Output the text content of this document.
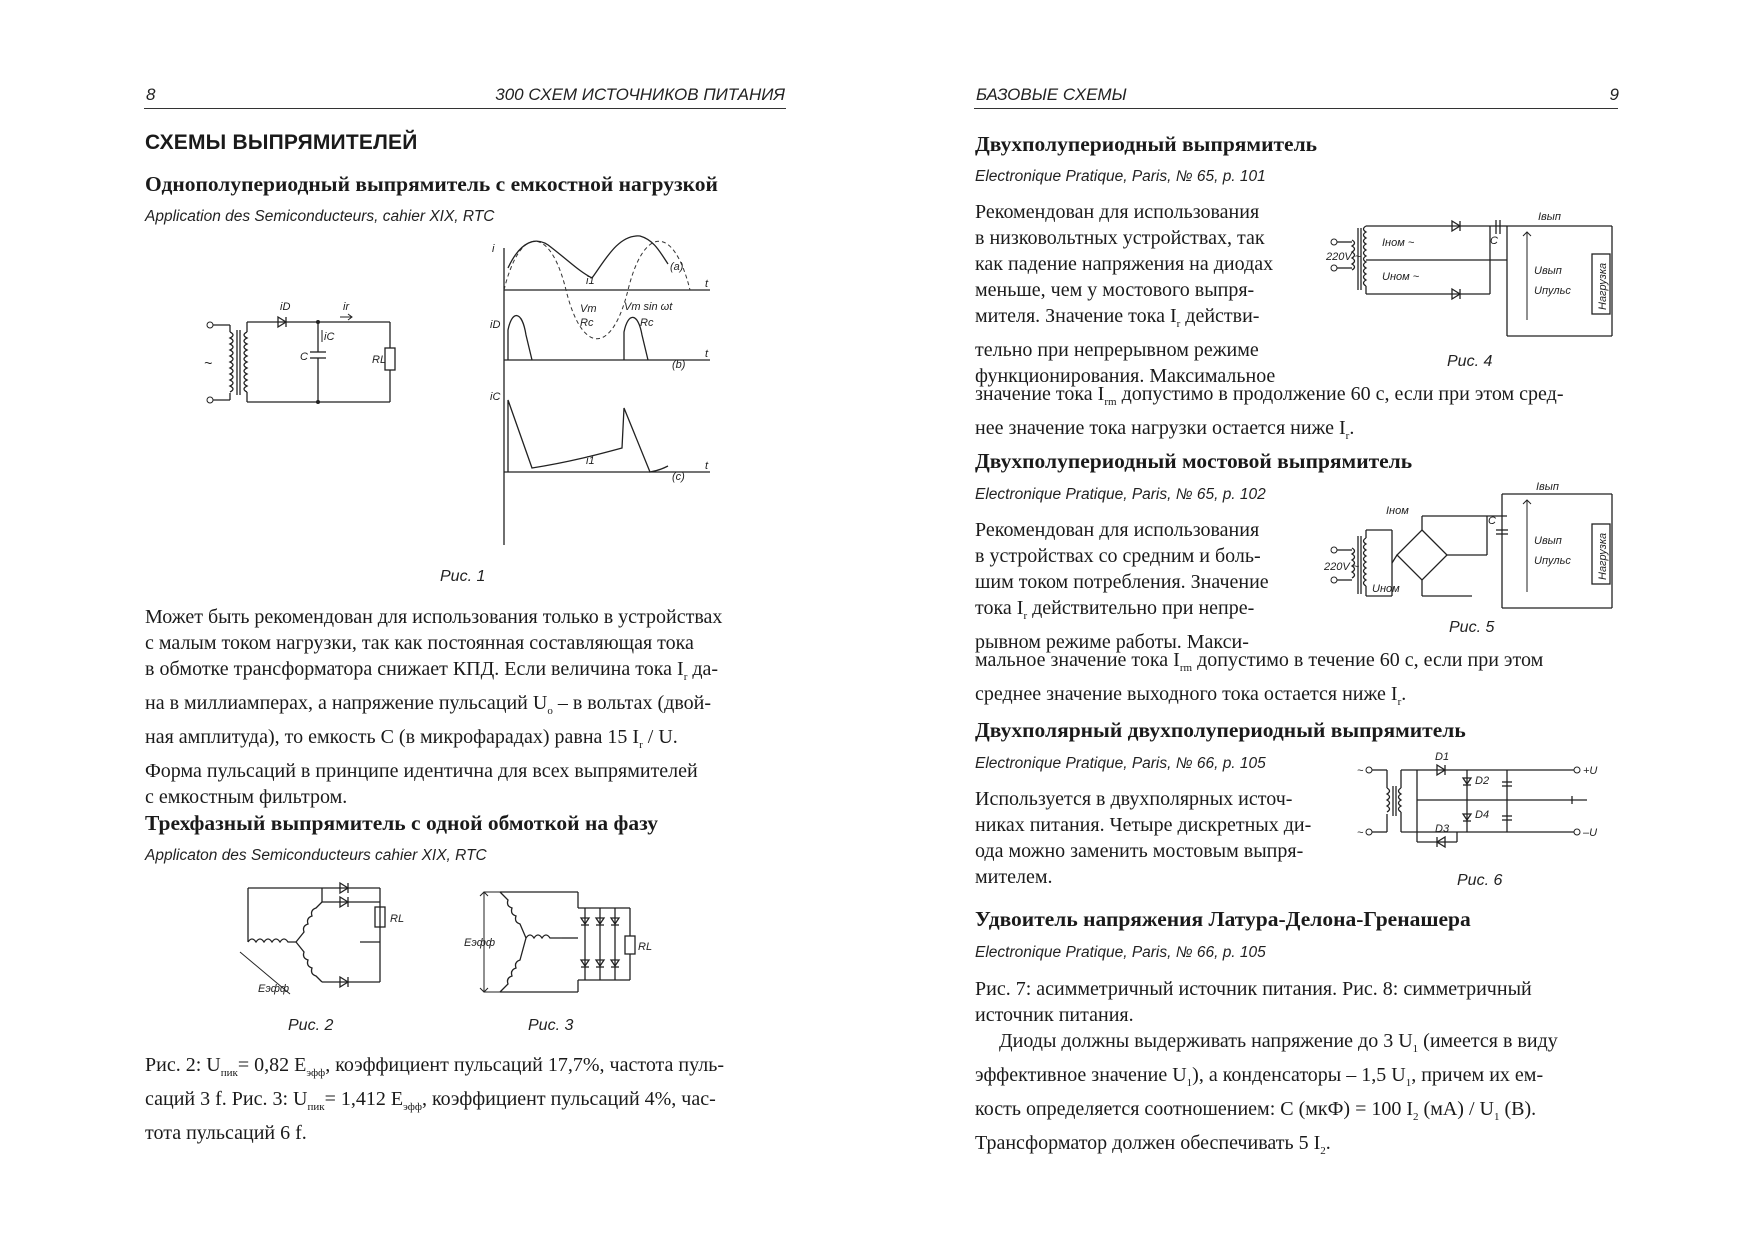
8	300 СХЕМ ИСТОЧНИКОВ ПИТАНИЯ
СХЕМЫ ВЫПРЯМИТЕЛЕЙ
Однополупериодный выпрямитель с емкостной нагрузкой
Application des Semiconducteurs, cahier XIX, RTC
iD	ir
iC
C	RL
~
i
t
(a)
i1
Vm sin ωt
Rc
Vm
Rc
iD
t
(b)
iC
t
(c)
i1
Рис. 1
Может быть рекомендован для использования только в устройствах
с малым током нагрузки, так как постоянная составляющая тока
в обмотке трансформатора снижает КПД. Если величина тока $I_r$ да-
на в миллиамперах, а напряжение пульсаций $U_о$ – в вольтах (двой-
ная амплитуда), то емкость С (в микрофарадах) равна 15 $I_r$ / U.
Форма пульсаций в принципе идентична для всех выпрямителей
с емкостным фильтром.
Трехфазный выпрямитель с одной обмоткой на фазу
Applicaton des Semiconducteurs cahier XIX, RTC
RL
Eэфф
Рис. 2
RL
Eэфф
Рис. 3
Рис. 2: $U_{пик}= 0,82$ $E_{эфф}$, коэффициент пульсаций 17,7%, частота пуль-
саций 3 f. Рис. 3: $U_{пик}= 1,412$ $E_{эфф}$, коэффициент пульсаций 4%, час-
тота пульсаций 6 f.
БАЗОВЫЕ СХЕМЫ	9
Двухполупериодный выпрямитель
Electronique Pratique, Paris, № 65, p. 101
Рекомендован для использования
в низковольтных устройствах, так
как падение напряжения на диодах
меньше, чем у мостового выпря-
мителя. Значение тока $I_r$ действи-
тельно при непрерывном режиме
функционирования. Максимальное
значение тока $I_{rm}$ допустимо в продолжение 60 с, если при этом сред-
нее значение тока нагрузки остается ниже $I_r$.
220V ~
Iном ~
Uном ~
C
Iвып
Uвып
Uпульс Нагрузка
Рис. 4
Двухполупериодный мостовой выпрямитель
Electronique Pratique, Paris, № 65, p. 102
Рекомендован для использования
в устройствах со средним и боль-
шим током потребления. Значение
тока $I_r$ действительно при непре-
рывном режиме работы. Макси-
мальное значение тока $I_{rm}$ допустимо в течение 60 с, если при этом
среднее значение выходного тока остается ниже $I_r$.
220V ~
Iном
Uном
Iвып
C
Uвып
Uпульс Нагрузка
Рис. 5
Двухполярный двухполупериодный выпрямитель
Electronique Pratique, Paris, № 66, p. 105
Используется в двухполярных источ-
никах питания. Четыре дискретных ди-
ода можно заменить мостовым выпря-
мителем.
~
~
D1
D2
D3
D4
+U
–U
Рис. 6
Удвоитель напряжения Латура-Делона-Гренашера
Electronique Pratique, Paris, № 66, p. 105
Рис. 7: асимметричный источник питания. Рис. 8: симметричный
источник питания.
Диоды должны выдерживать напряжение до 3 $U_1$ (имеется в виду
эффективное значение $U_1$), а конденсаторы – 1,5 $U_1$, причем их ем-
кость определяется соотношением: С (мкФ) = 100 $I_2$ $(мА) / U_1$ (В).
Трансформатор должен обеспечивать 5 $I_2$.
